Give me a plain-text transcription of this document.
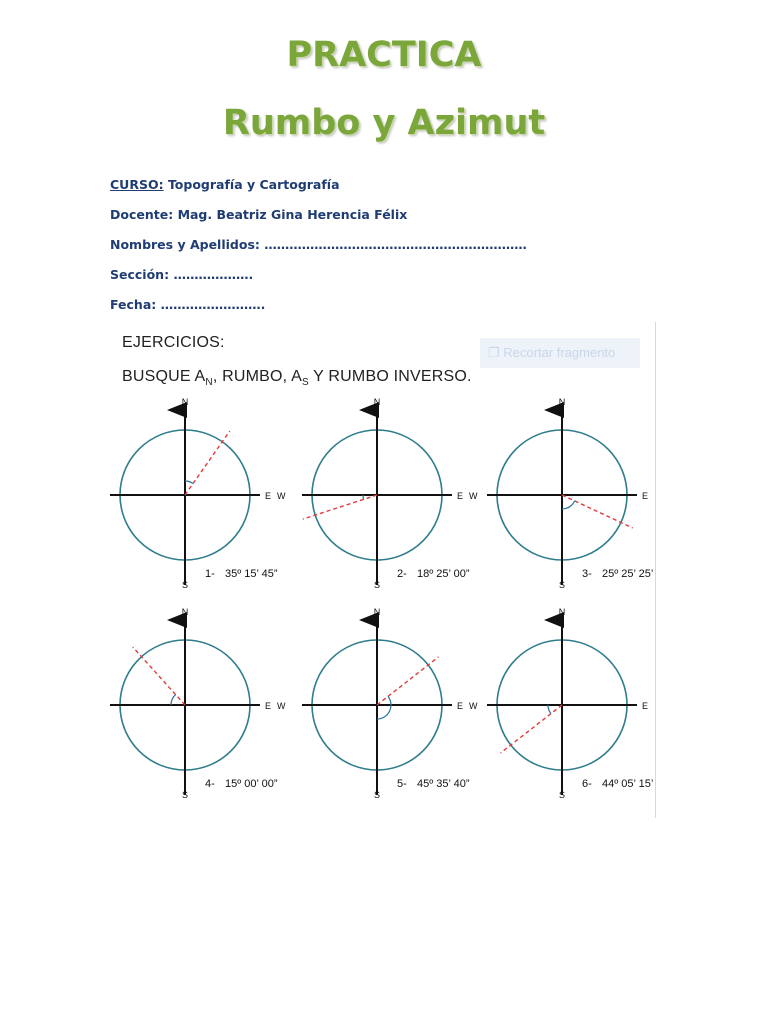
PRACTICA
Rumbo y Azimut
CURSO: Topografía y Cartografía
Docente: Mag. Beatriz Gina Herencia Félix
Nombres y Apellidos: ………………………………………………………
Sección: ……………….
Fecha: …………………….
EJERCICIOS:
BUSQUE $A_N$, RUMBO, $A_S$ Y RUMBO INVERSO.
❐ Recortar fragmento
N
S
E W
1- 35º 15’ 45”
N
S
E W
2- 18º 25’ 00”
N
S
E
3- 25º 25’ 25’
N
S
E W
4- 15º 00’ 00”
N
S
E W
5- 45º 35’ 40”
N
S
E
6- 44º 05’ 15’
